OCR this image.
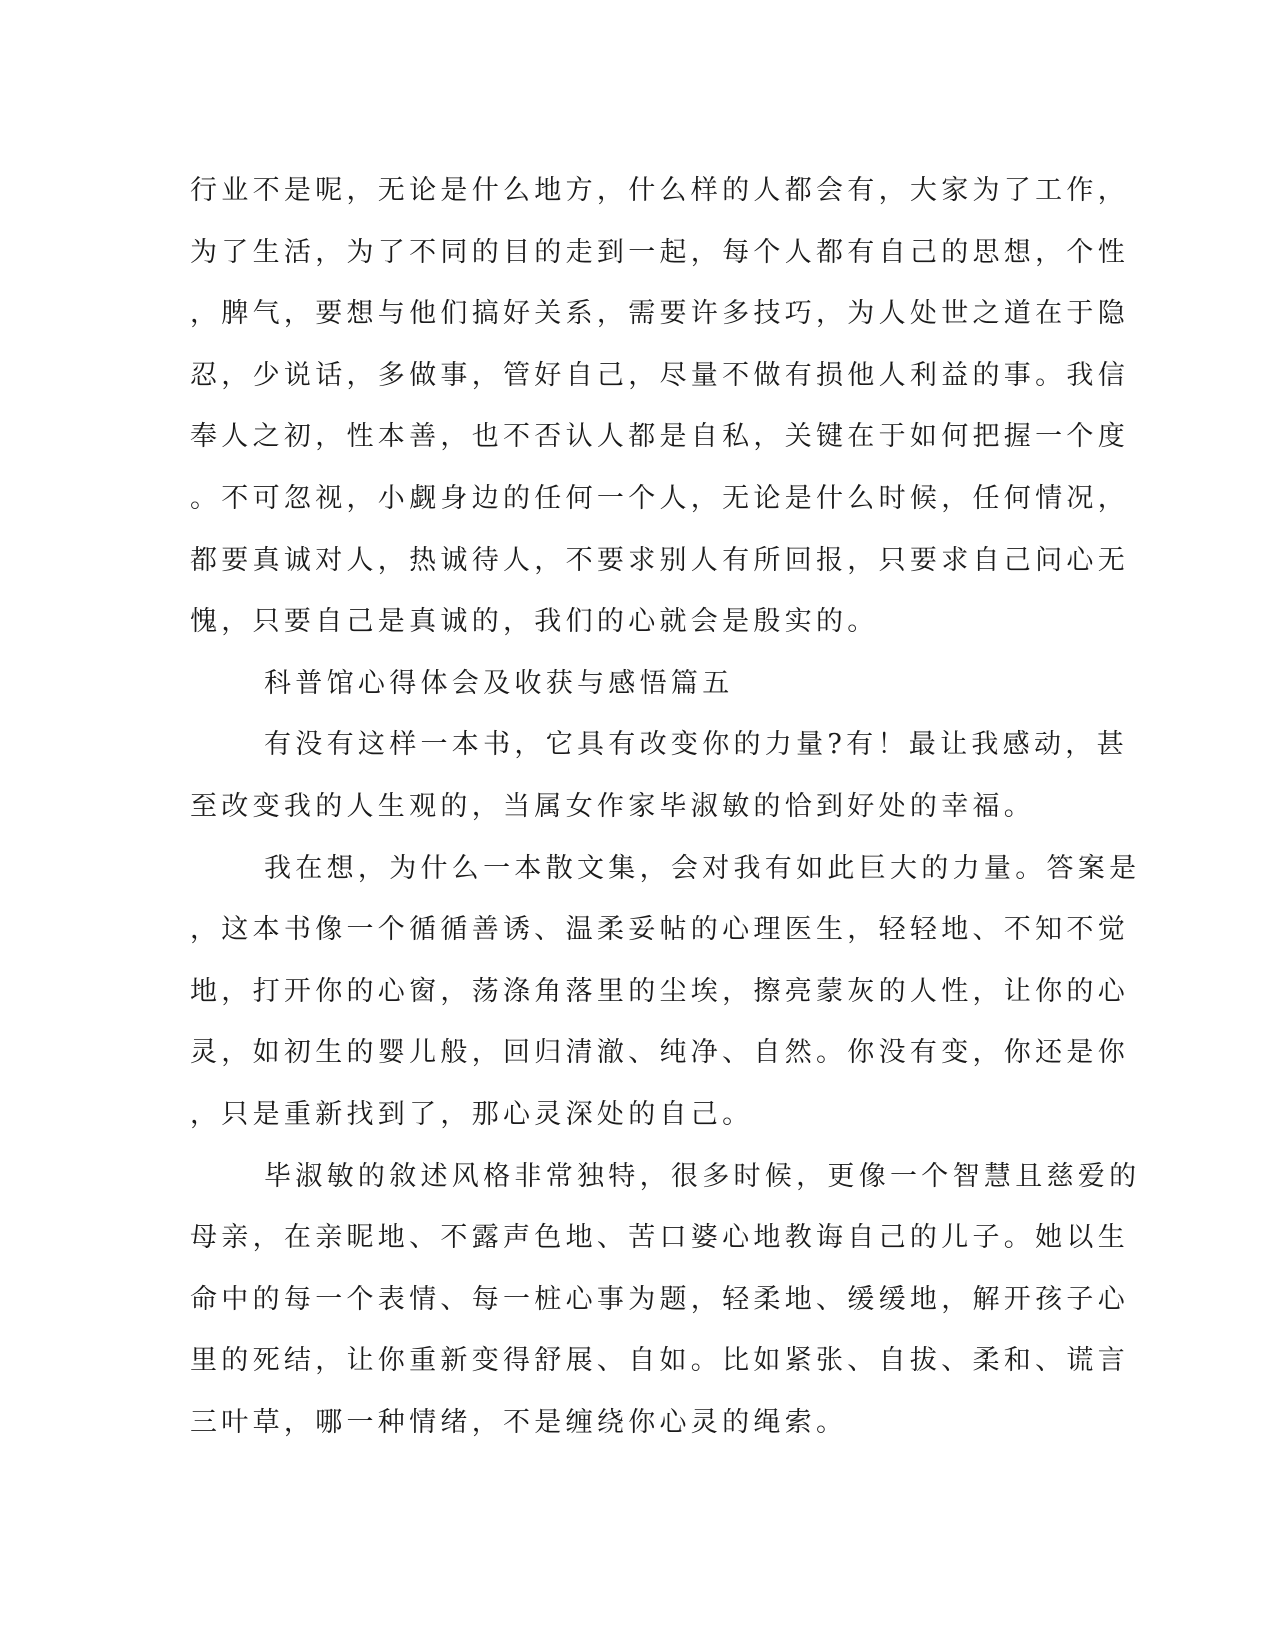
行业不是呢，无论是什么地方，什么样的人都会有，大家为了工作，
为了生活，为了不同的目的走到一起，每个人都有自己的思想，个性
，脾气，要想与他们搞好关系，需要许多技巧，为人处世之道在于隐
忍，少说话，多做事，管好自己，尽量不做有损他人利益的事。我信
奉人之初，性本善，也不否认人都是自私，关键在于如何把握一个度
。不可忽视，小觑身边的任何一个人，无论是什么时候，任何情况，
都要真诚对人，热诚待人，不要求别人有所回报，只要求自己问心无
愧，只要自己是真诚的，我们的心就会是殷实的。
科普馆心得体会及收获与感悟篇五
有没有这样一本书，它具有改变你的力量?有！最让我感动，甚
至改变我的人生观的，当属女作家毕淑敏的恰到好处的幸福。
我在想，为什么一本散文集，会对我有如此巨大的力量。答案是
，这本书像一个循循善诱、温柔妥帖的心理医生，轻轻地、不知不觉
地，打开你的心窗，荡涤角落里的尘埃，擦亮蒙灰的人性，让你的心
灵，如初生的婴儿般，回归清澈、纯净、自然。你没有变，你还是你
，只是重新找到了，那心灵深处的自己。
毕淑敏的敘述风格非常独特，很多时候，更像一个智慧且慈爱的
母亲，在亲昵地、不露声色地、苦口婆心地教诲自己的儿子。她以生
命中的每一个表情、每一桩心事为题，轻柔地、缓缓地，解开孩子心
里的死结，让你重新变得舒展、自如。比如紧张、自拔、柔和、谎言
三叶草，哪一种情绪，不是缠绕你心灵的绳索。
